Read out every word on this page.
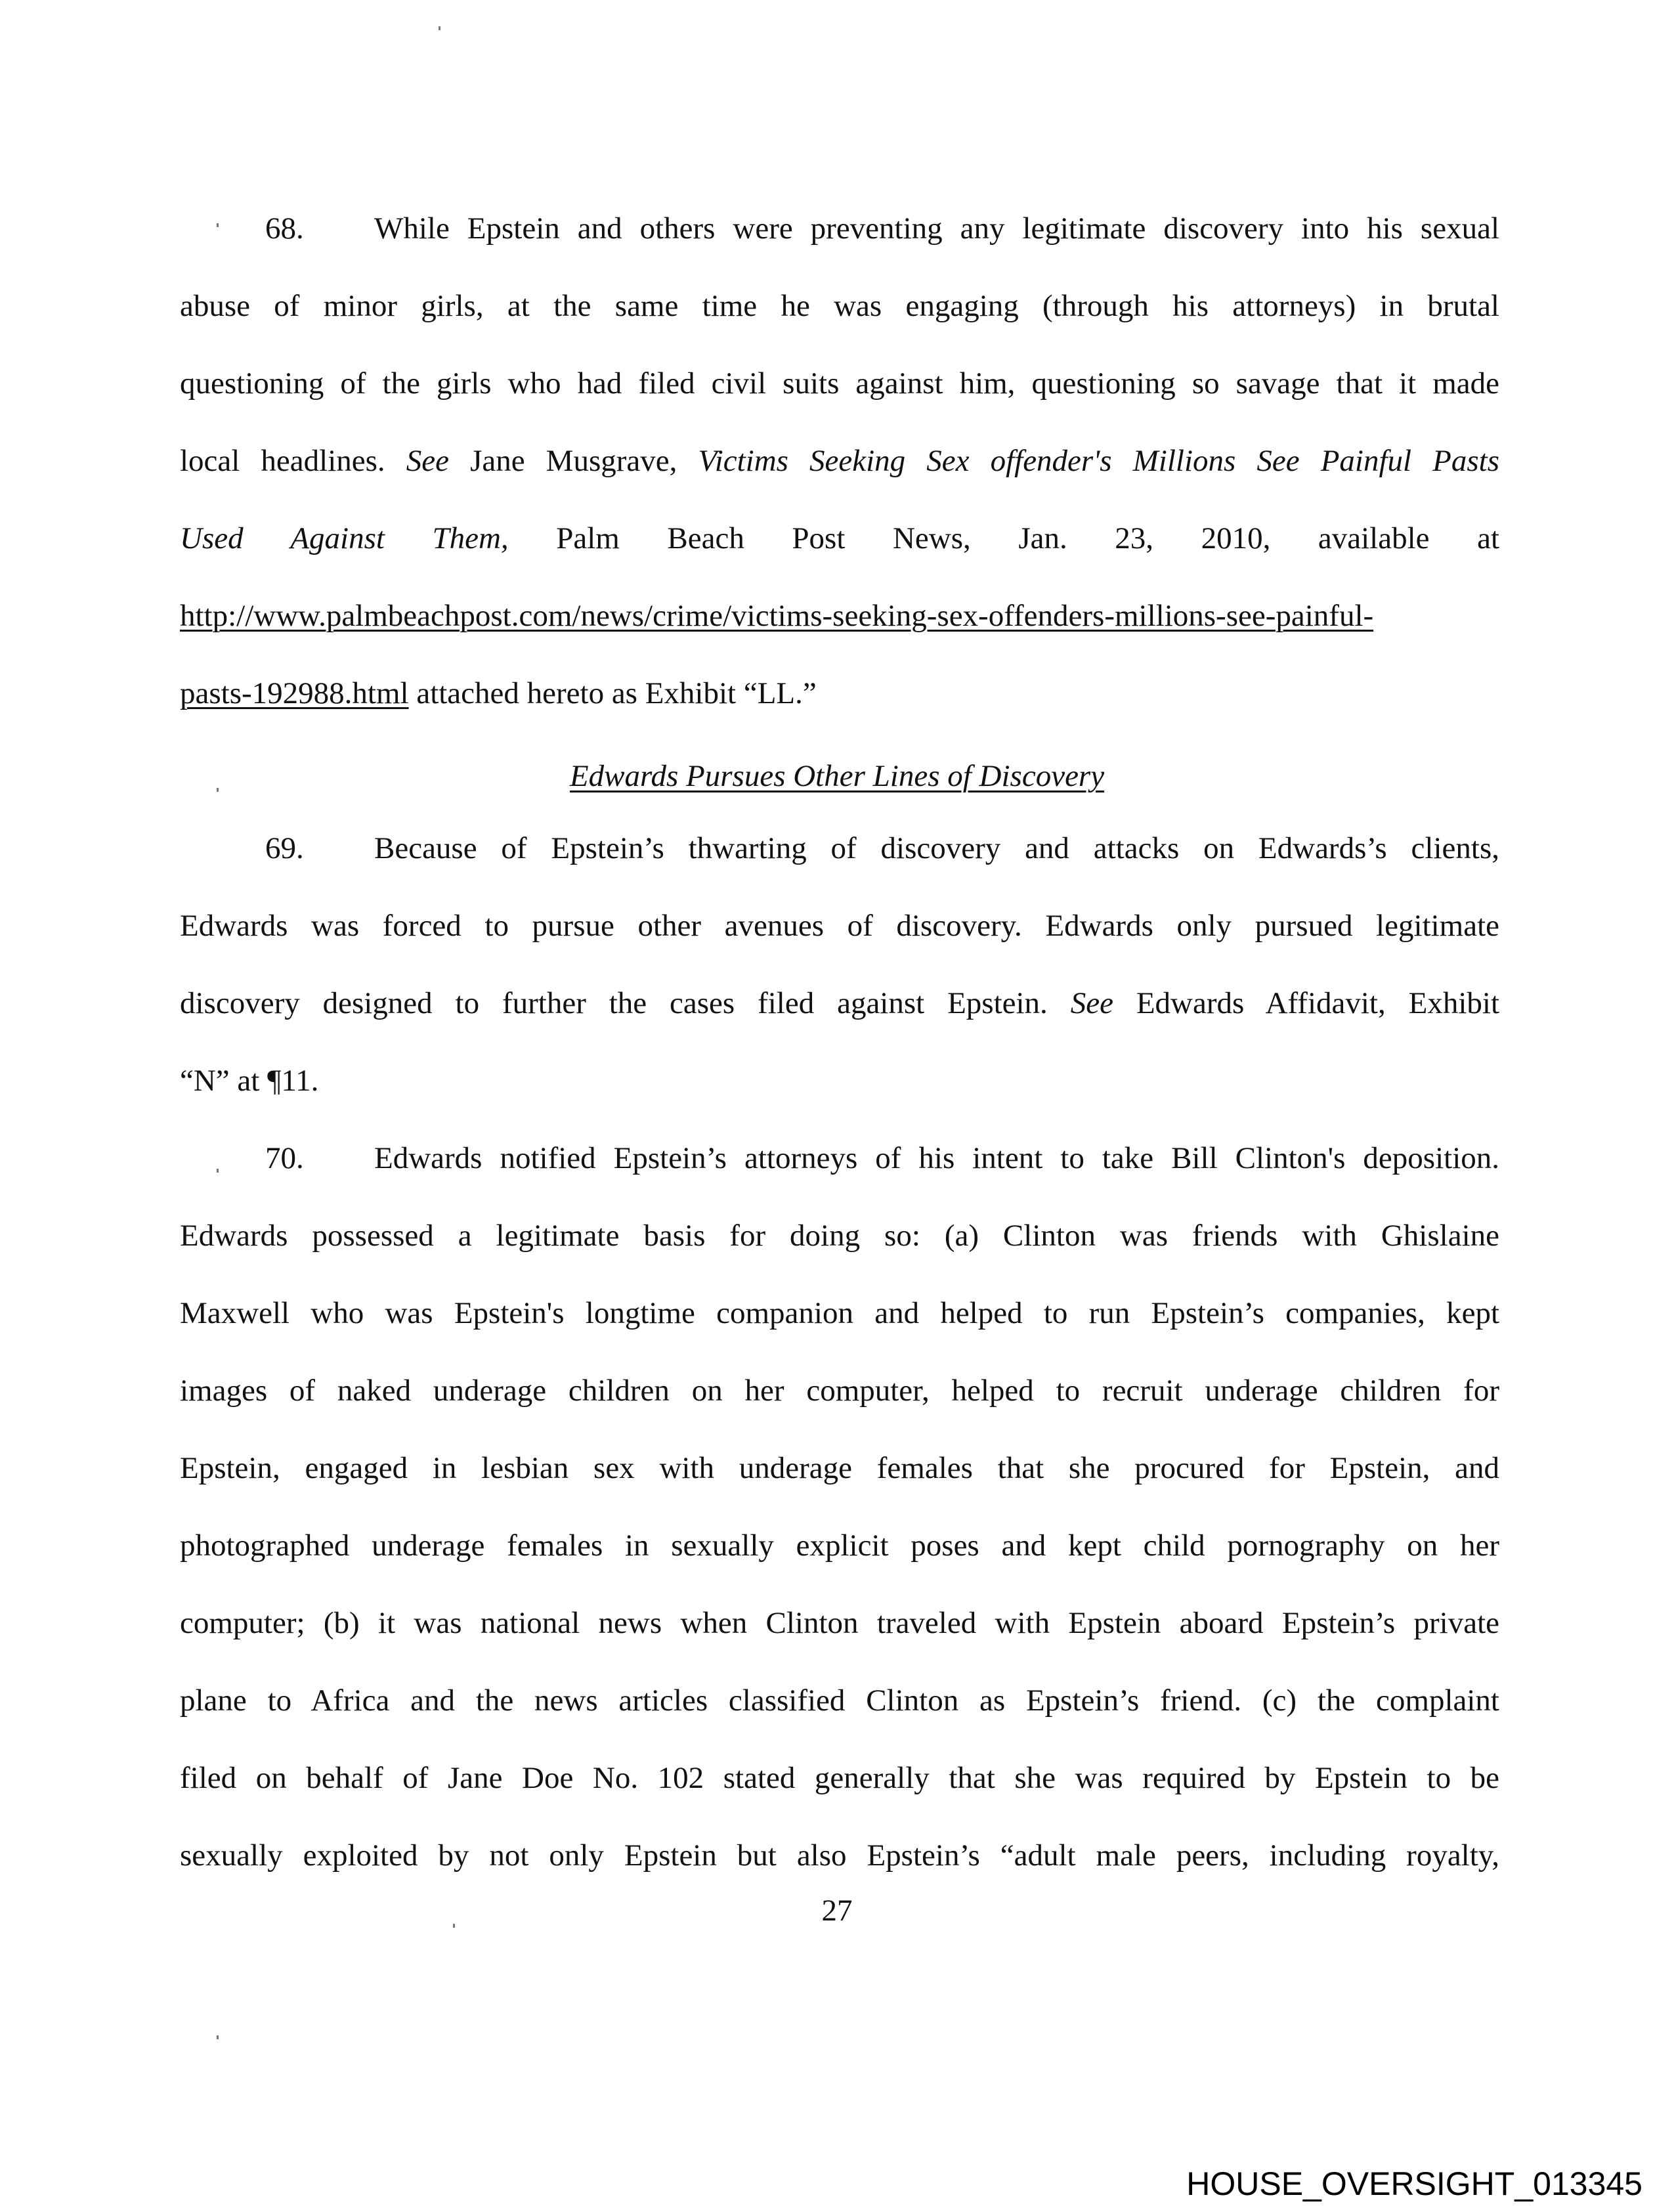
68. While Epstein and others were preventing any legitimate discovery into his sexual
abuse of minor girls, at the same time he was engaging (through his attorneys) in brutal
questioning of the girls who had filed civil suits against him, questioning so savage that it made
local headlines. See Jane Musgrave, Victims Seeking Sex offender's Millions See Painful Pasts
Used Against Them, Palm Beach Post News, Jan. 23, 2010, available at
http://www.palmbeachpost.com/news/crime/victims-seeking-sex-offenders-millions-see-painful-
pasts-192988.html attached hereto as Exhibit “LL.”
Edwards Pursues Other Lines of Discovery
69. Because of Epstein’s thwarting of discovery and attacks on Edwards’s clients,
Edwards was forced to pursue other avenues of discovery. Edwards only pursued legitimate
discovery designed to further the cases filed against Epstein. See Edwards Affidavit, Exhibit
“N” at ¶11.
70. Edwards notified Epstein’s attorneys of his intent to take Bill Clinton's deposition.
Edwards possessed a legitimate basis for doing so: (a) Clinton was friends with Ghislaine
Maxwell who was Epstein's longtime companion and helped to run Epstein’s companies, kept
images of naked underage children on her computer, helped to recruit underage children for
Epstein, engaged in lesbian sex with underage females that she procured for Epstein, and
photographed underage females in sexually explicit poses and kept child pornography on her
computer; (b) it was national news when Clinton traveled with Epstein aboard Epstein’s private
plane to Africa and the news articles classified Clinton as Epstein’s friend. (c) the complaint
filed on behalf of Jane Doe No. 102 stated generally that she was required by Epstein to be
sexually exploited by not only Epstein but also Epstein’s “adult male peers, including royalty,
27
HOUSE_OVERSIGHT_013345
